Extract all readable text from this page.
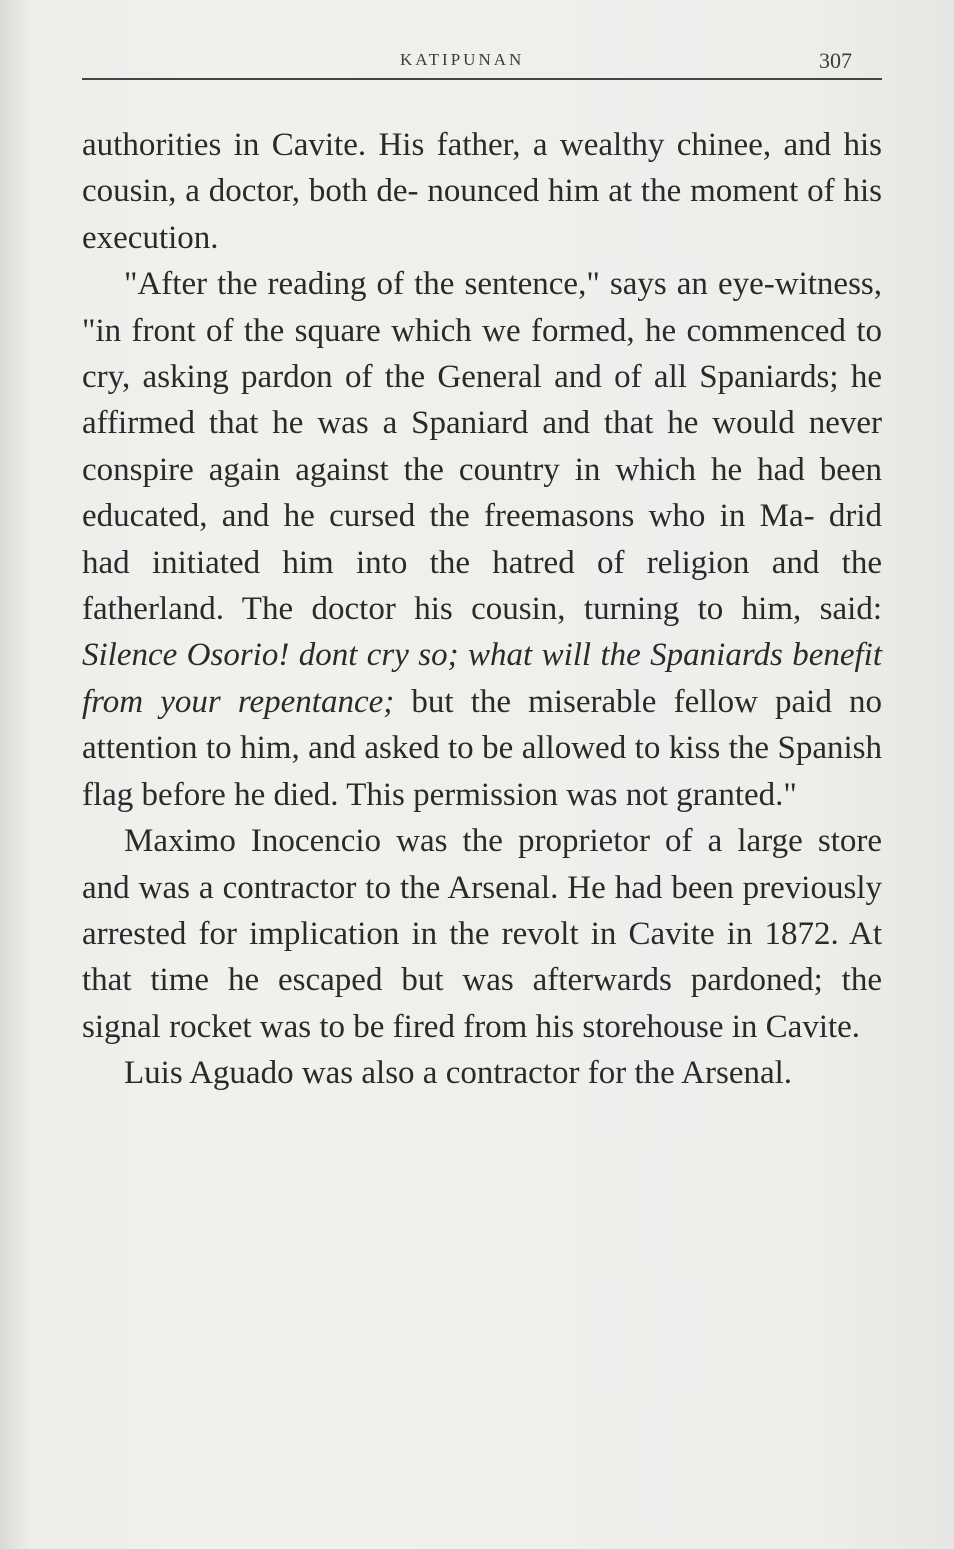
KATIPUNAN	307

authorities in Cavite. His father, a wealthy chinee, and his cousin, a doctor, both de- nounced him at the moment of his execution.

"After the reading of the sentence," says an eye-witness, "in front of the square which we formed, he commenced to cry, asking pardon of the General and of all Spaniards; he affirmed that he was a Spaniard and that he would never conspire again against the country in which he had been educated, and he cursed the freemasons who in Ma- drid had initiated him into the hatred of religion and the fatherland. The doctor his cousin, turning to him, said: Silence Osorio! dont cry so; what will the Spaniards benefit from your repentance; but the miserable fellow paid no attention to him, and asked to be allowed to kiss the Spanish flag before he died. This permission was not granted."

Maximo Inocencio was the proprietor of a large store and was a contractor to the Arsenal. He had been previously arrested for implication in the revolt in Cavite in 1872. At that time he escaped but was afterwards pardoned; the signal rocket was to be fired from his storehouse in Cavite.

Luis Aguado was also a contractor for the Arsenal.
